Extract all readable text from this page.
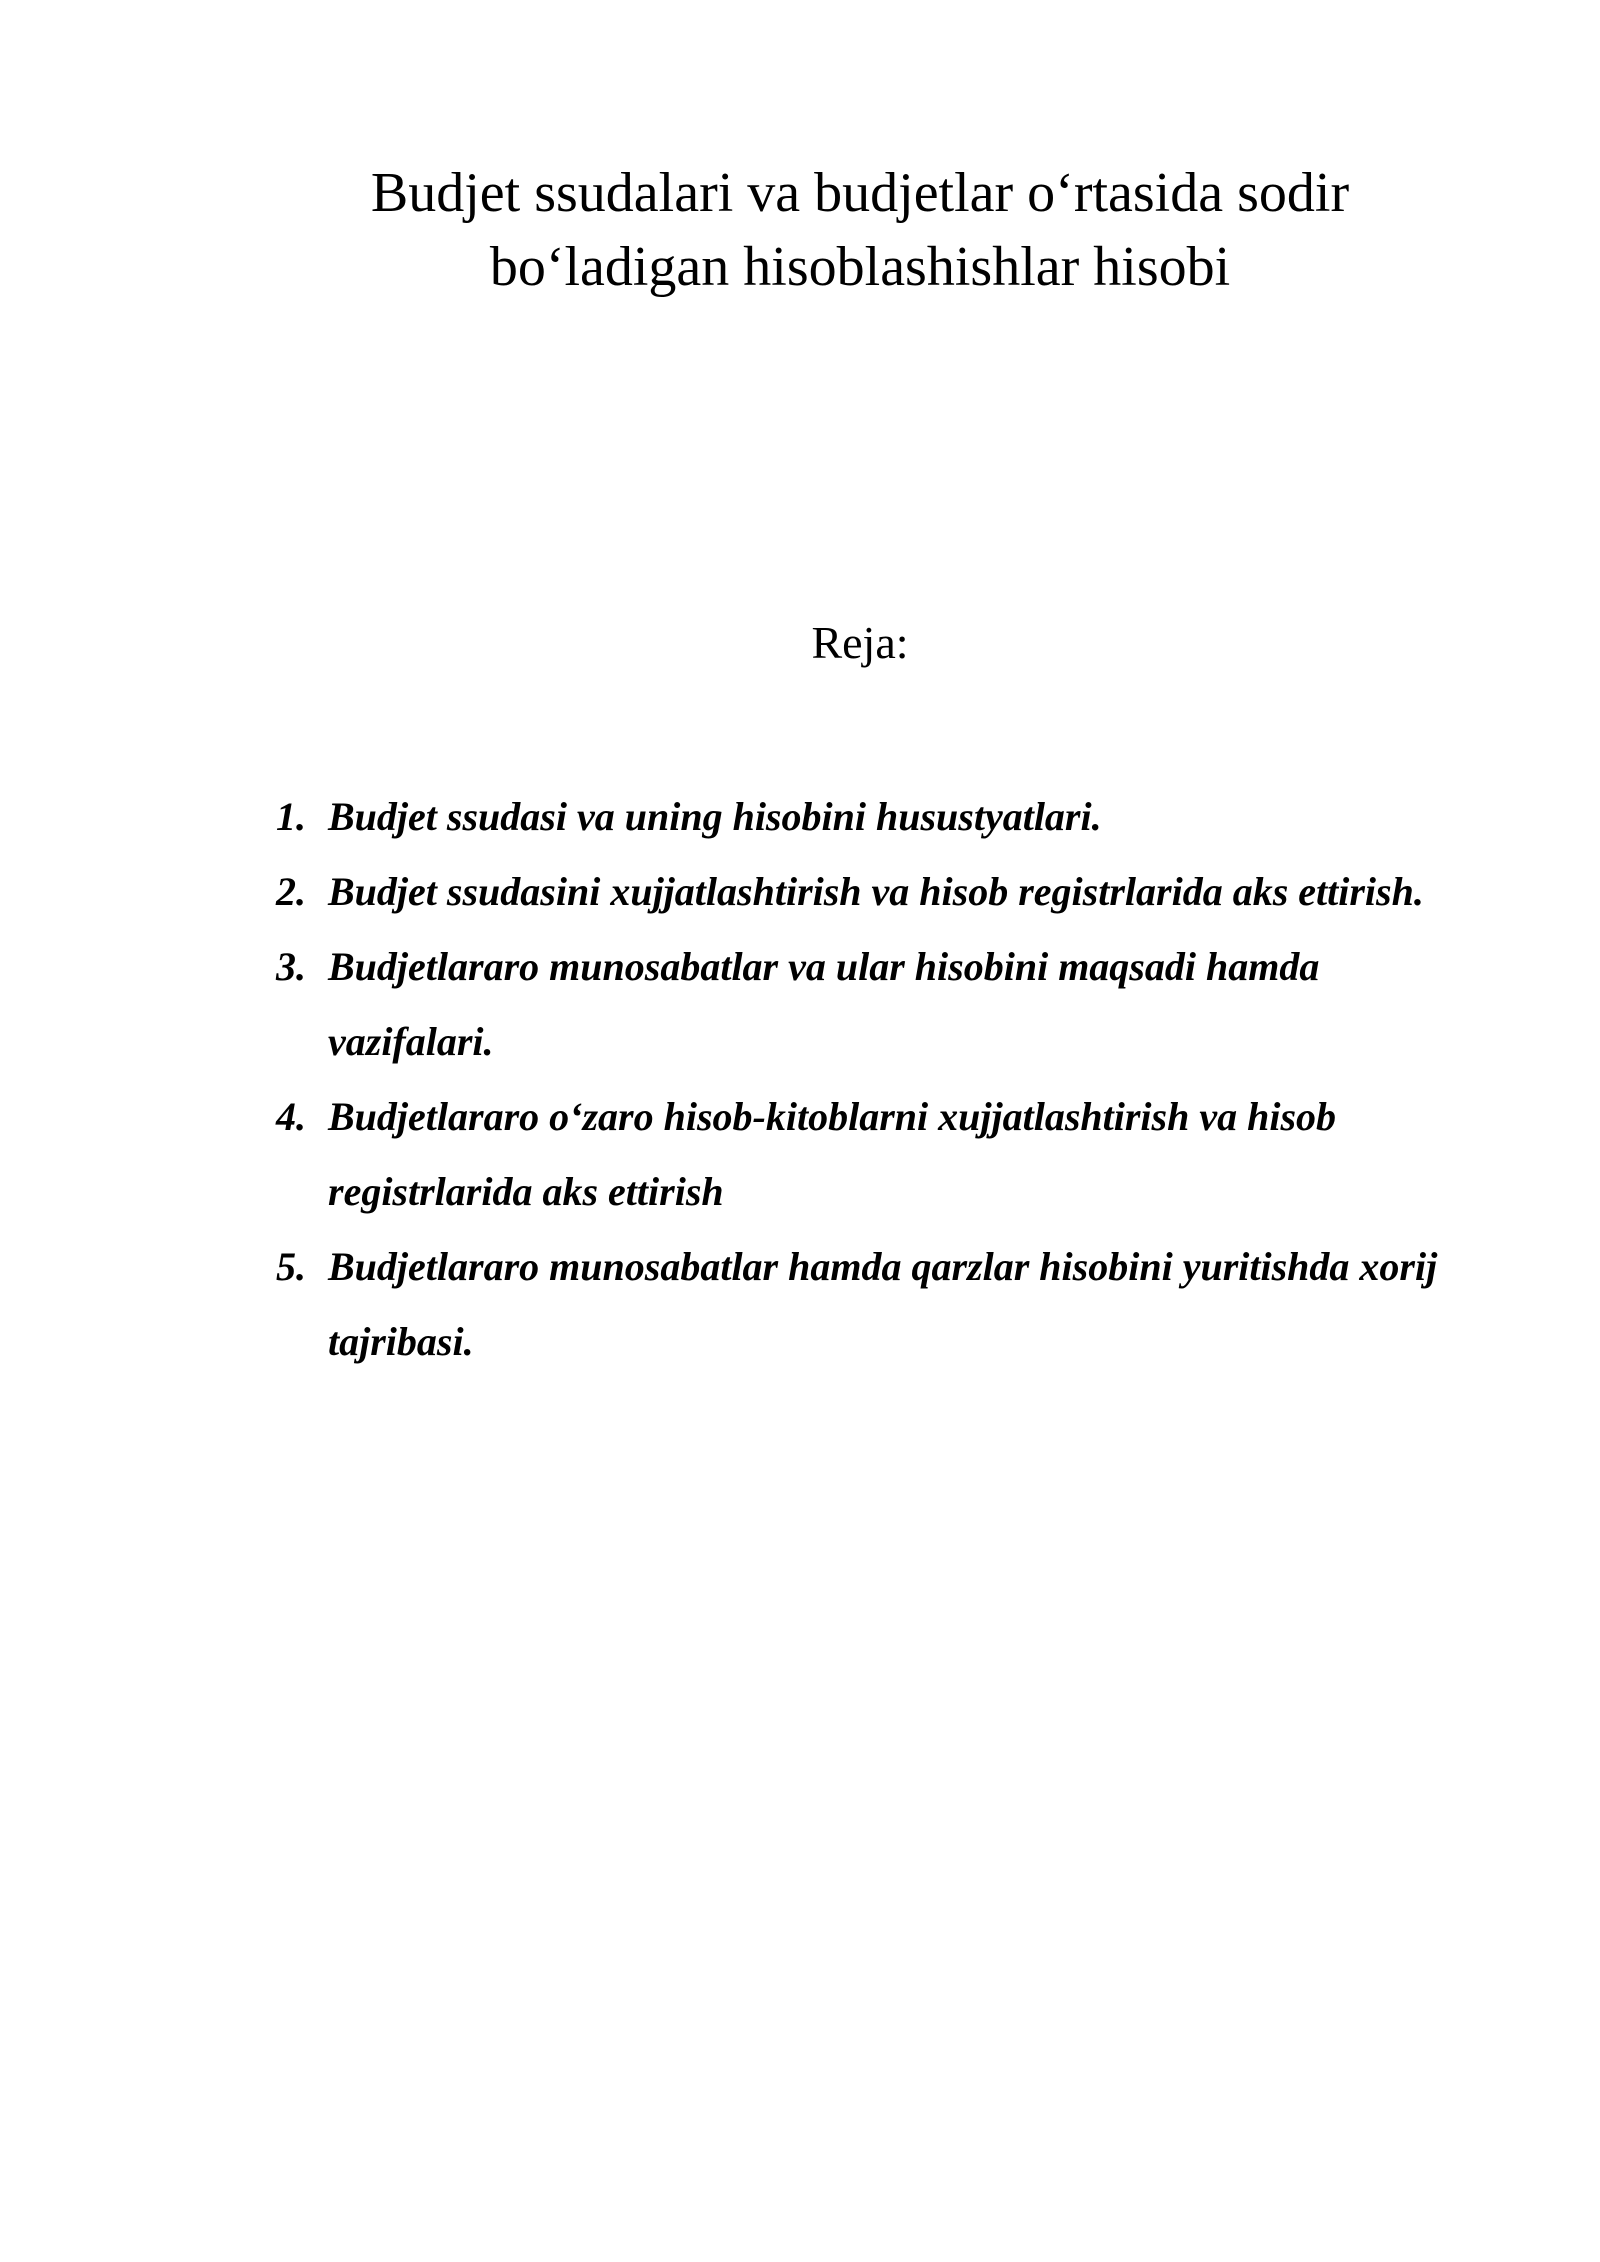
Budjet ssudalari va budjetlar o‘rtasida sodir
bo‘ladigan hisoblashishlar hisobi
Reja:
1. Budjet ssudasi va uning hisobini husustyatlari.
2. Budjet ssudasini xujjatlashtirish va hisob registrlarida aks ettirish.
3. Budjetlararo munosabatlar va ular hisobini maqsadi hamda vazifalari.
4. Budjetlararo o‘zaro hisob-kitoblarni xujjatlashtirish va hisob registrlarida aks ettirish
5. Budjetlararo munosabatlar hamda qarzlar hisobini yuritishda xorij tajribasi.
